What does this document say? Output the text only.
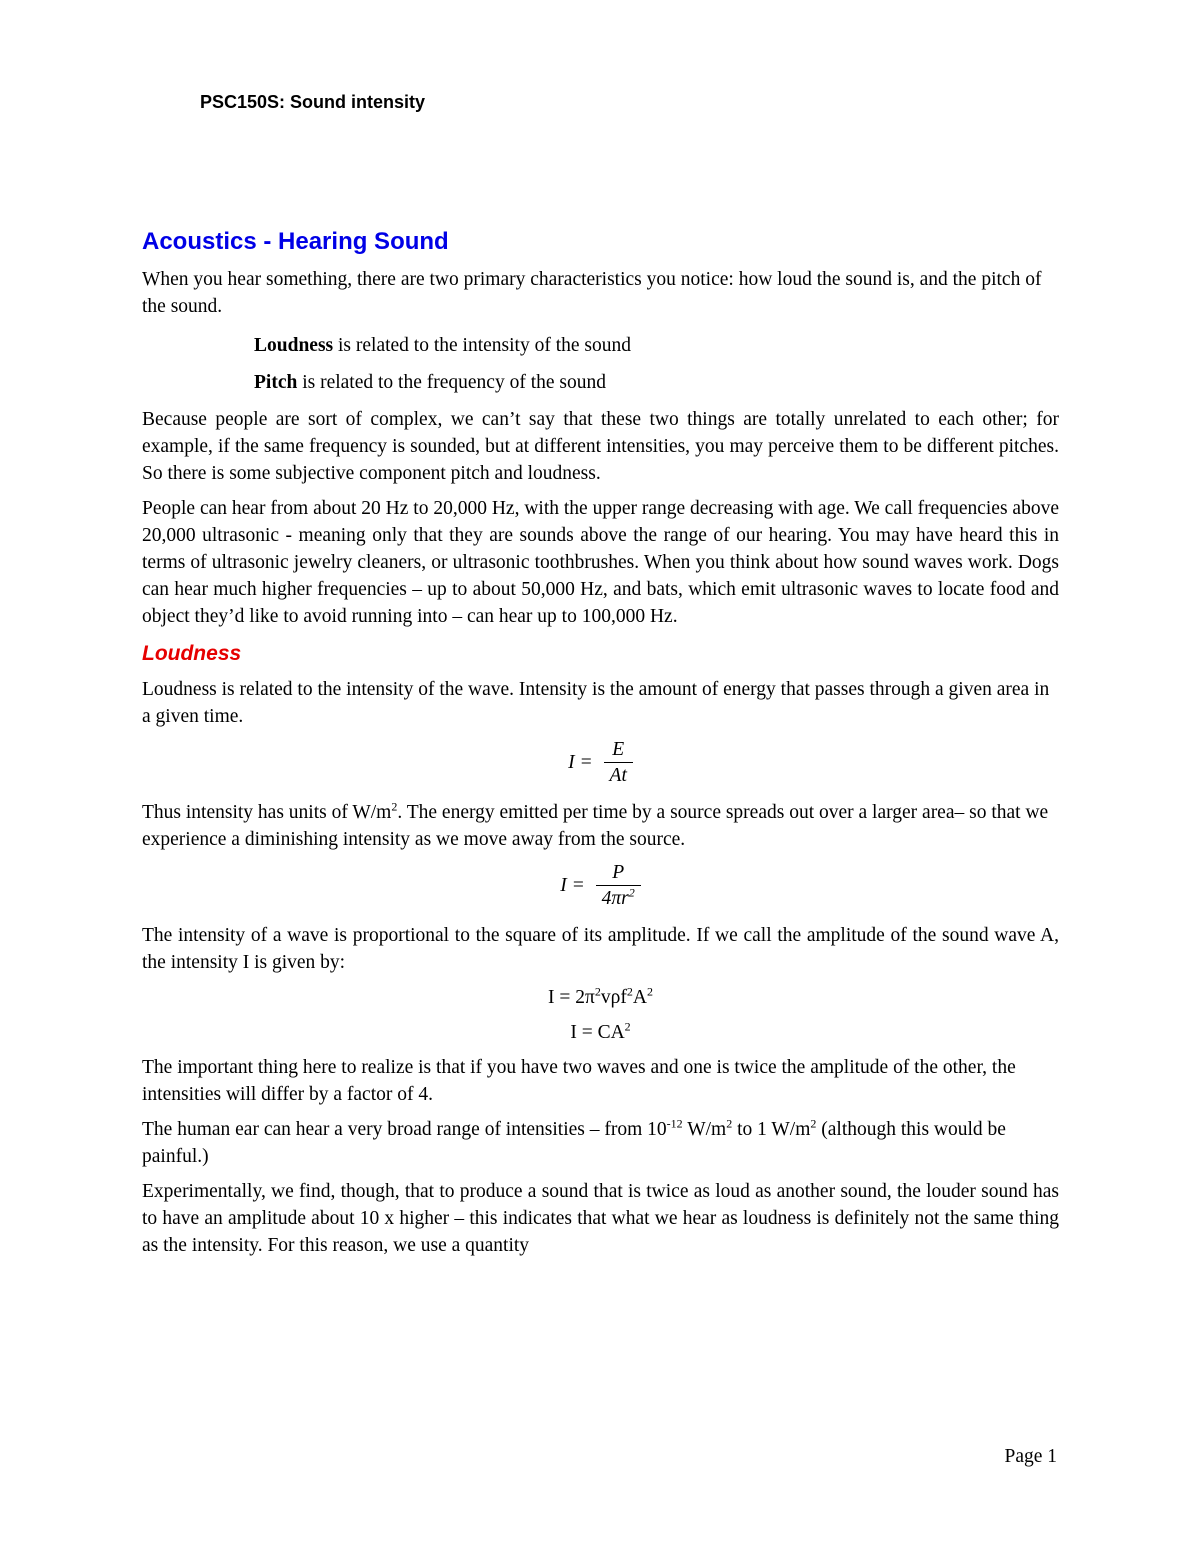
PSC150S: Sound intensity
Acoustics - Hearing Sound

When you hear something, there are two primary characteristics you notice: how loud the sound is, and the pitch of the sound.

Loudness is related to the intensity of the sound
Pitch is related to the frequency of the sound

Because people are sort of complex, we can’t say that these two things are totally unrelated to each other; for example, if the same frequency is sounded, but at different intensities, you may perceive them to be different pitches. So there is some subjective component pitch and loudness.

People can hear from about 20 Hz to 20,000 Hz, with the upper range decreasing with age. We call frequencies above 20,000 ultrasonic - meaning only that they are sounds above the range of our hearing. You may have heard this in terms of ultrasonic jewelry cleaners, or ultrasonic toothbrushes. When you think about how sound waves work. Dogs can hear much higher frequencies – up to about 50,000 Hz, and bats, which emit ultrasonic waves to locate food and object they’d like to avoid running into – can hear up to 100,000 Hz.

Loudness

Loudness is related to the intensity of the wave. Intensity is the amount of energy that passes through a given area in a given time.

$I = \frac{E}{At}$

Thus intensity has units of $W/m^2$. The energy emitted per time by a source spreads out over a larger area– so that we experience a diminishing intensity as we move away from the source.

$I = \frac{P}{4\pi r^2}$

The intensity of a wave is proportional to the square of its amplitude. If we call the amplitude of the sound wave A, the intensity I is given by:

$I = 2\pi^2v\rho f^2A^2$
$I = CA^2$

The important thing here to realize is that if you have two waves and one is twice the amplitude of the other, the intensities will differ by a factor of 4.

The human ear can hear a very broad range of intensities – from $10^{-12}$ $W/m^2$ to 1 $W/m^2$ (although this would be painful.)

Experimentally, we find, though, that to produce a sound that is twice as loud as another sound, the louder sound has to have an amplitude about 10 x higher – this indicates that what we hear as loudness is definitely not the same thing as the intensity. For this reason, we use a quantity

Page 1
